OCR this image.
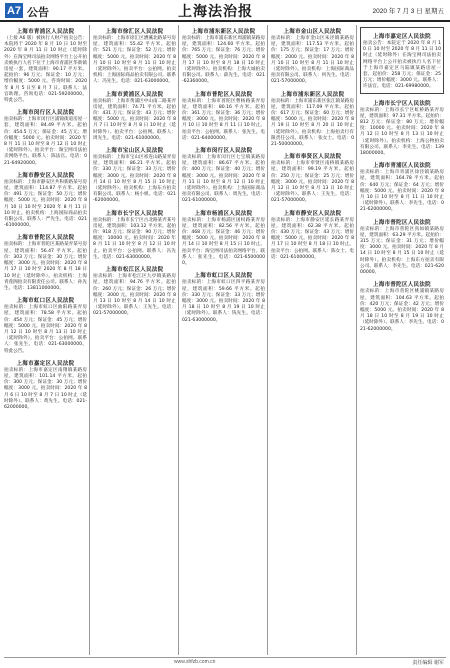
A7 公告	上海法治报	2020 年 7 月 3 日 星期五
上海市青浦区人民法院
（上接 A6 版）被执行人财产拍卖公告：本院将于 2020 年 8 月 10 日 10 时至 2020 年 8 月 11 日 10 时止（延时除外）在淘宝网司法拍卖网络平台上公开拍卖被执行人名下位于上海市青浦区华新镇房屋一套，建筑面积：90.17 平方米。起拍价：96 万元；保证金：10 万元；增价幅度：5000 元。咨询时间：2020 年 8 月 5 日至 8 月 7 日。联系人：法官助理。咨询电话：021-59200000。特此公告。
上海市闵行区人民法院
拍卖标的：上海市闵行区浦锦街道房屋一套，建筑面积：84.49 平方米。起拍价：454.5 万元；保证金：45 万元；增价幅度：5000 元。拍卖时间：2020 年 8 月 11 日 10 时至 8 月 12 日 10 时止（延时除外）。拍卖平台：淘宝网司法拍卖网络平台。联系人：陈法官。电话：021-64920000。
上海市静安区人民法院
拍卖标的：上海市静安区共和新路某号房屋，建筑面积：114.87 平方米。起拍价：491 万元；保证金：50 万元；增价幅度：5000 元。拍卖时间：2020 年 8 月 10 日 10 时至 2020 年 8 月 11 日 10 时止。拍卖机构：上海国际商品拍卖有限公司。联系人：严先生。电话：021-61000000。
上海市普陀区人民法院
拍卖标的：上海市普陀区某路某弄某号房屋，建筑面积：56.47 平方米。起拍价：303 万元；保证金：30 万元；增价幅度：3000 元。拍卖时间：2020 年 8 月 17 日 10 时至 2020 年 8 月 18 日 10 时止（延时除外）。拍卖机构：上海青莲阁拍卖有限责任公司。联系人：孙先生。电话：13811000000。
上海市虹口区人民法院
拍卖标的：上海市虹口区曲阳路某弄房屋，建筑面积：78.58 平方米。起拍价：454 万元；保证金：45 万元；增价幅度：5000 元。拍卖时间：2020 年 8 月 12 日 10 时至 8 月 13 日 10 时止（延时除外）。拍卖平台：公拍网。联系人：张先生。电话：021-63000000。特此公告。
上海市嘉定区人民法院
拍卖标的：上海市嘉定区南翔镇某路房屋，建筑面积：101.14 平方米。起拍价：300 万元；保证金：30 万元；增价幅度：3000 元。拍卖时间：2020 年 8 月 6 日 10 时至 8 月 7 日 10 时止（延时除外）。联系人：黄先生。电话：021-62000000。
上海市徐汇区人民法院
拍卖标的：上海市徐汇区漕溪北路某号房屋，建筑面积：55.42 平方米。起拍价：521 万元；保证金：52 万元；增价幅度：5000 元。拍卖时间：2020 年 8 月 10 日 10 时至 8 月 11 日 10 时止（延时除外）。拍卖平台：公拍网。拍卖机构：上海国际商品拍卖有限公司。联系人：冯先生。电话：021-63000000。
上海市黄浦区人民法院
拍卖标的：上海市黄浦区中山南二路某弄房屋，建筑面积：74.71 平方米。起拍价：431 万元；保证金：43 万元；增价幅度：5000 元。拍卖时间：2020 年 8 月 7 日 10 时至 8 月 8 日 10 时止（延时除外）。拍卖平台：公拍网。联系人：周先生。电话：021-61000000。
上海市宝山区人民法院
拍卖标的：上海市宝山区祁连山路某弄房屋，建筑面积：86.21 平方米。起拍价：330 万元；保证金：33 万元；增价幅度：3000 元。拍卖时间：2020 年 8 月 14 日 10 时至 8 月 15 日 10 时止（延时除外）。拍卖机构：上海东方拍卖有限公司。联系人：杨小姐。电话：021-62000000。
上海市长宁区人民法院
拍卖标的：上海市长宁区古北路某弄某号房屋，建筑面积：103.12 平方米。起拍价：918 万元；保证金：90 万元；增价幅度：10000 元。拍卖时间：2020 年 8 月 11 日 10 时至 8 月 12 日 10 时止。拍卖平台：公拍网。联系人：冯先生。电话：021-63000000。
上海市松江区人民法院
拍卖标的：上海市松江区九亭镇某路房屋，建筑面积：94.76 平方米。起拍价：260 万元；保证金：26 万元；增价幅度：3000 元。拍卖时间：2020 年 8 月 13 日 10 时至 8 月 14 日 10 时止（延时除外）。联系人：王先生。电话：021-57000000。
上海市浦东新区人民法院
拍卖标的：上海市浦东新区周浦镇某路房屋，建筑面积：124.60 平方米。起拍价：765 万元；保证金：76 万元；增价幅度：5000 元。拍卖时间：2020 年 8 月 17 日 10 时至 8 月 18 日 10 时止（延时除外）。拍卖机构：上海大诚拍卖有限公司。联系人：薛先生。电话：021-62360000。
上海市普陀区人民法院
拍卖标的：上海市普陀区曹杨路某弄房屋，建筑面积：80.16 平方米。起拍价：361 万元；保证金：36 万元；增价幅度：3000 元。拍卖时间：2020 年 8 月 10 日 10 时至 8 月 11 日 10 时止。拍卖平台：公拍网。联系人：张先生。电话：021-64000000。
上海市闵行区人民法院
拍卖标的：上海市闵行区七宝镇某路房屋，建筑面积：86.67 平方米。起拍价：400 万元；保证金：40 万元；增价幅度：3000 元。拍卖时间：2020 年 8 月 11 日 10 时至 8 月 12 日 10 时止（延时除外）。拍卖机构：上海国际商品拍卖有限公司。联系人：周先生。电话：021-61000000。
上海市杨浦区人民法院
拍卖标的：上海市杨浦区国权路某弄房屋，建筑面积：82.56 平方米。起拍价：468 万元；保证金：46 万元；增价幅度：5000 元。拍卖时间：2020 年 8 月 14 日 10 时至 8 月 15 日 10 时止。拍卖平台：淘宝网司法拍卖网络平台。联系人：张先生。电话：021-65000000。
上海市虹口区人民法院
拍卖标的：上海市虹口区四平路某弄房屋，建筑面积：59.66 平方米。起拍价：330 万元；保证金：33 万元；增价幅度：3000 元。拍卖时间：2020 年 8 月 18 日 10 时至 8 月 19 日 10 时止（延时除外）。联系人：钱先生。电话：021-63000000。
上海市金山区人民法院
拍卖标的：上海市金山区朱泾镇某路房屋，建筑面积：117.53 平方米。起拍价：175 万元；保证金：17 万元；增价幅度：2000 元。拍卖时间：2020 年 8 月 10 日 10 时至 8 月 11 日 10 时止（延时除外）。拍卖机构：上海国际商品拍卖有限公司。联系人：何先生。电话：021-57000000。
上海市浦东新区人民法院
拍卖标的：上海市浦东新区张江镇某路房屋，建筑面积：117.09 平方米。起拍价：617 万元；保证金：60 万元；增价幅度：5000 元。拍卖时间：2020 年 8 月 19 日 10 时至 8 月 20 日 10 时止（延时除外）。拍卖机构：上海拍卖行有限责任公司。联系人：张女士。电话：021-50000000。
上海市奉贤区人民法院
拍卖标的：上海市奉贤区南桥镇某路房屋，建筑面积：99.19 平方米。起拍价：250 万元；保证金：25 万元；增价幅度：3000 元。拍卖时间：2020 年 8 月 12 日 10 时至 8 月 13 日 10 时止（延时除外）。联系人：王先生。电话：021-57000000。
上海市静安区人民法院
拍卖标的：上海市静安区延长路某弄房屋，建筑面积：62.38 平方米。起拍价：430 万元；保证金：43 万元；增价幅度：5000 元。拍卖时间：2020 年 8 月 17 日 10 时至 8 月 18 日 10 时止。拍卖平台：公拍网。联系人：陈女士。电话：021-61000000。
上海市嘉定区人民法院
拍卖公告：本院定于 2020 年 8 月 10 日 10 时至 2020 年 8 月 11 日 10 时止（延时除外）在淘宝网司法拍卖网络平台上公开拍卖被执行人名下位于上海市嘉定区马陆镇某路房屋一套。起拍价：258 万元；保证金：25 万元；增价幅度：3000 元。联系人：许法官。电话：021-69980000。
上海市长宁区人民法院
拍卖标的：上海市长宁区虹桥路某弄房屋，建筑面积：97.31 平方米。起拍价：812 万元；保证金：80 万元；增价幅度：10000 元。拍卖时间：2020 年 8 月 12 日 10 时至 8 月 13 日 10 时止（延时除外）。拍卖机构：上海公物拍卖有限公司。联系人：李先生。电话：13918000000。
上海市青浦区人民法院
拍卖标的：上海市青浦区徐泾镇某路房屋，建筑面积：164.78 平方米。起拍价：640 万元；保证金：64 万元；增价幅度：5000 元。拍卖时间：2020 年 8 月 10 日 10 时至 8 月 11 日 10 时止（延时除外）。联系人：李先生。电话：021-62000000。
上海市普陀区人民法院
拍卖标的：上海市普陀区真如镇某路房屋，建筑面积：63.29 平方米。起拍价：315 万元；保证金：31 万元；增价幅度：3000 元。拍卖时间：2020 年 8 月 14 日 10 时至 8 月 15 日 10 时止（延时除外）。拍卖机构：上海东方拍卖有限公司。联系人：李先生。电话：021-62000000。
上海市普陀区人民法院
拍卖标的：上海市普陀区桃浦镇某路房屋，建筑面积：104.63 平方米。起拍价：420 万元；保证金：42 万元；增价幅度：5000 元。拍卖时间：2020 年 8 月 18 日 10 时至 8 月 19 日 10 时止（延时除外）。联系人：李先生。电话：021-62000000。
www.shfzb.com.cn	责任编辑 谢军
